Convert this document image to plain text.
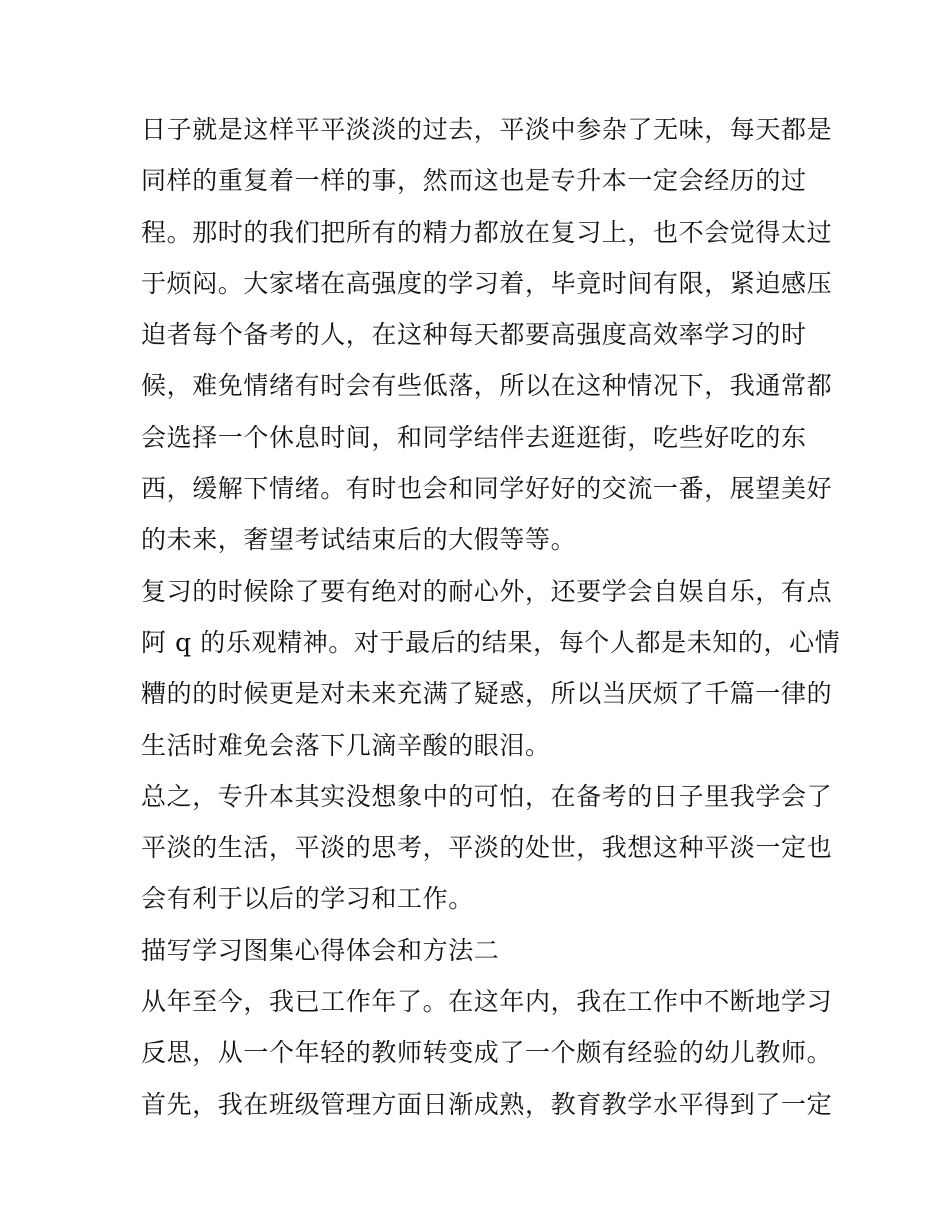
日子就是这样平平淡淡的过去，平淡中参杂了无味，每天都是
同样的重复着一样的事，然而这也是专升本一定会经历的过
程。那时的我们把所有的精力都放在复习上，也不会觉得太过
于烦闷。大家堵在高强度的学习着，毕竟时间有限，紧迫感压
迫者每个备考的人，在这种每天都要高强度高效率学习的时
候，难免情绪有时会有些低落，所以在这种情况下，我通常都
会选择一个休息时间，和同学结伴去逛逛街，吃些好吃的东
西，缓解下情绪。有时也会和同学好好的交流一番，展望美好
的未来，奢望考试结束后的大假等等。
复习的时候除了要有绝对的耐心外，还要学会自娱自乐，有点
阿 q 的乐观精神。对于最后的结果，每个人都是未知的，心情
糟的的时候更是对未来充满了疑惑，所以当厌烦了千篇一律的
生活时难免会落下几滴辛酸的眼泪。
总之，专升本其实没想象中的可怕，在备考的日子里我学会了
平淡的生活，平淡的思考，平淡的处世，我想这种平淡一定也
会有利于以后的学习和工作。
描写学习图集心得体会和方法二
从年至今，我已工作年了。在这年内，我在工作中不断地学习
反思，从一个年轻的教师转变成了一个颇有经验的幼儿教师。
首先，我在班级管理方面日渐成熟，教育教学水平得到了一定
